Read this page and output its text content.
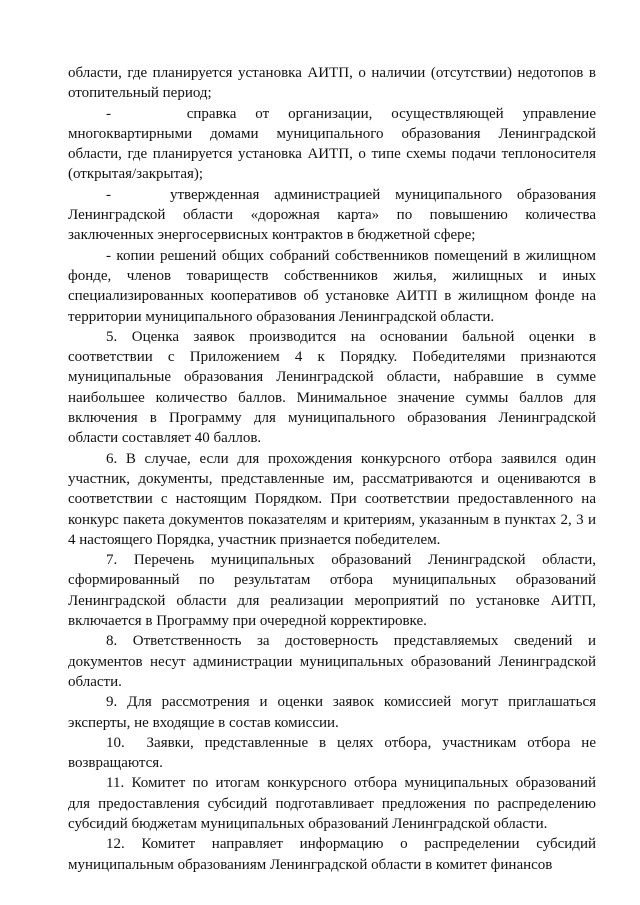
области, где планируется установка АИТП, о наличии (отсутствии) недотопов в отопительный период;

-    справка от организации, осуществляющей управление многоквартирными домами муниципального образования Ленинградской области, где планируется установка АИТП, о типе схемы подачи теплоносителя (открытая/закрытая);

-    утвержденная администрацией муниципального образования Ленинградской области «дорожная карта» по повышению количества заключенных энергосервисных контрактов в бюджетной сфере;

- копии решений общих собраний собственников помещений в жилищном фонде, членов товариществ собственников жилья, жилищных и иных специализированных кооперативов об установке АИТП в жилищном фонде на территории муниципального образования Ленинградской области.

5. Оценка заявок производится на основании бальной оценки в соответствии с Приложением 4 к Порядку. Победителями признаются муниципальные образования Ленинградской области, набравшие в сумме наибольшее количество баллов. Минимальное значение суммы баллов для включения в Программу для муниципального образования Ленинградской области составляет 40 баллов.

6. В случае, если для прохождения конкурсного отбора заявился один участник, документы, представленные им, рассматриваются и оцениваются в соответствии с настоящим Порядком. При соответствии предоставленного на конкурс пакета документов показателям и критериям, указанным в пунктах 2, 3 и 4 настоящего Порядка, участник признается победителем.

7. Перечень муниципальных образований Ленинградской области, сформированный по результатам отбора муниципальных образований Ленинградской области для реализации мероприятий по установке АИТП, включается в Программу при очередной корректировке.

8. Ответственность за достоверность представляемых сведений и документов несут администрации муниципальных образований Ленинградской области.

9. Для рассмотрения и оценки заявок комиссией могут приглашаться эксперты, не входящие в состав комиссии.

10.  Заявки, представленные в целях отбора, участникам отбора не возвращаются.

11. Комитет по итогам конкурсного отбора муниципальных образований для предоставления субсидий подготавливает предложения по распределению субсидий бюджетам муниципальных образований Ленинградской области.

12. Комитет направляет информацию о распределении субсидий муниципальным образованиям Ленинградской области в комитет финансов
